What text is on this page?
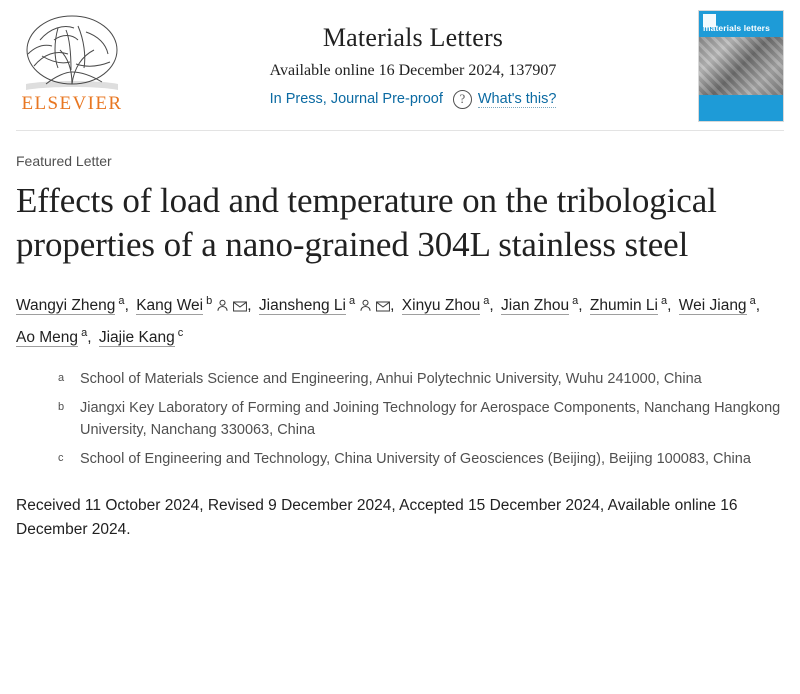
ELSEVIER
Materials Letters
Available online 16 December 2024, 137907
In Press, Journal Pre-proof	? What's this?
materials letters
Featured Letter
Effects of load and temperature on the tribological properties of a nano-grained 304L stainless steel
Wangyi Zheng $^a$, Kang Wei $^b$ , Jiansheng Li $^a$ , Xinyu Zhou $^a$, Jian Zhou $^a$, Zhumin Li $^a$, Wei Jiang $^a$, Ao Meng $^a$, Jiajie Kang $^c$
a	School of Materials Science and Engineering, Anhui Polytechnic University, Wuhu 241000, China
b	Jiangxi Key Laboratory of Forming and Joining Technology for Aerospace Components, Nanchang Hangkong University, Nanchang 330063, China
c	School of Engineering and Technology, China University of Geosciences (Beijing), Beijing 100083, China
Received 11 October 2024, Revised 9 December 2024, Accepted 15 December 2024, Available online 16 December 2024.
